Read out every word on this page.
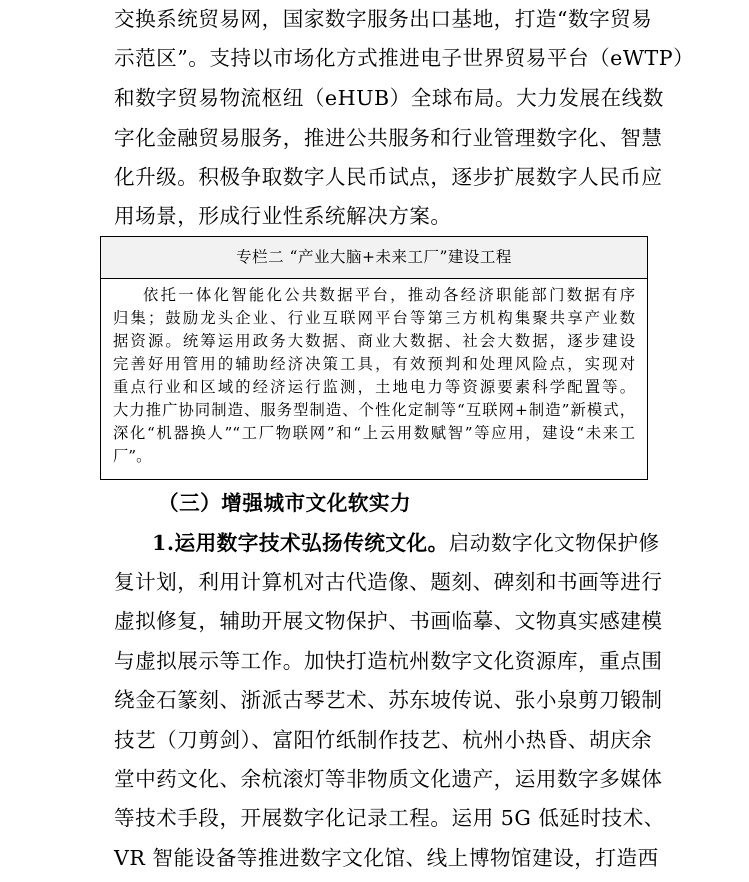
交换系统贸易网，国家数字服务出口基地，打造“数字贸易
示范区”。支持以市场化方式推进电子世界贸易平台（eWTP）
和数字贸易物流枢纽（eHUB）全球布局。大力发展在线数
字化金融贸易服务，推进公共服务和行业管理数字化、智慧
化升级。积极争取数字人民币试点，逐步扩展数字人民币应
用场景，形成行业性系统解决方案。
专栏二 “产业大脑+未来工厂”建设工程
依托一体化智能化公共数据平台，推动各经济职能部门数据有序
归集；鼓励龙头企业、行业互联网平台等第三方机构集聚共享产业数
据资源。统筹运用政务大数据、商业大数据、社会大数据，逐步建设
完善好用管用的辅助经济决策工具，有效预判和处理风险点，实现对
重点行业和区域的经济运行监测，土地电力等资源要素科学配置等。
大力推广协同制造、服务型制造、个性化定制等“互联网+制造”新模式，
深化“机器换人”“工厂物联网”和“上云用数赋智”等应用，建设“未来工
厂”。
（三）增强城市文化软实力
1.运用数字技术弘扬传统文化。启动数字化文物保护修
复计划，利用计算机对古代造像、题刻、碑刻和书画等进行
虚拟修复，辅助开展文物保护、书画临摹、文物真实感建模
与虚拟展示等工作。加快打造杭州数字文化资源库，重点围
绕金石篆刻、浙派古琴艺术、苏东坡传说、张小泉剪刀锻制
技艺（刀剪剑）、富阳竹纸制作技艺、杭州小热昏、胡庆余
堂中药文化、余杭滚灯等非物质文化遗产，运用数字多媒体
等技术手段，开展数字化记录工程。运用 5G 低延时技术、
VR 智能设备等推进数字文化馆、线上博物馆建设，打造西
